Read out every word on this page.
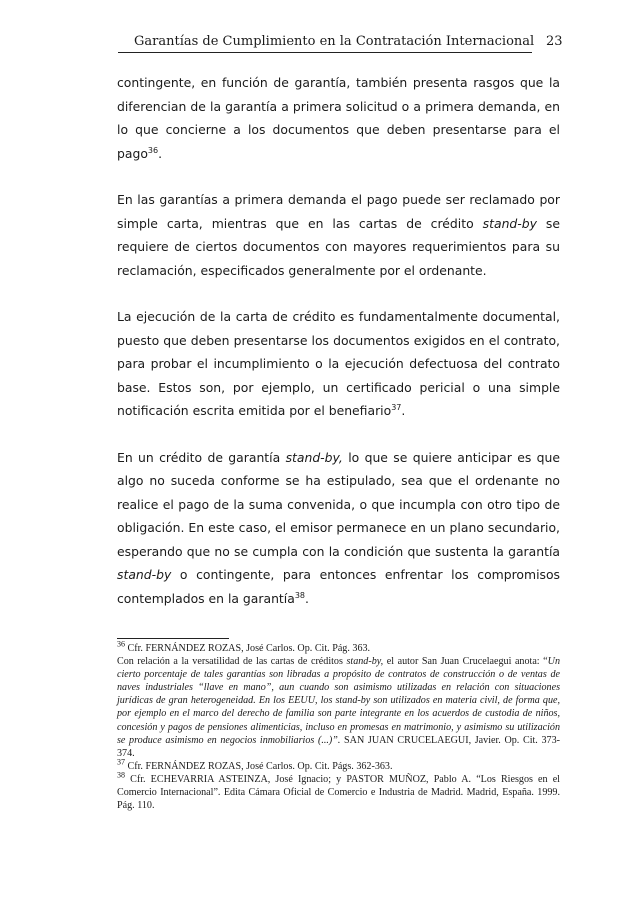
Garantías de Cumplimiento en la Contratación Internacional 23

contingente, en función de garantía, también presenta rasgos que la diferencian de la garantía a primera solicitud o a primera demanda, en lo que concierne a los documentos que deben presentarse para el pago$^{36}$.

En las garantías a primera demanda el pago puede ser reclamado por simple carta, mientras que en las cartas de crédito stand-by se requiere de ciertos documentos con mayores requerimientos para su reclamación, especificados generalmente por el ordenante.

La ejecución de la carta de crédito es fundamentalmente documental, puesto que deben presentarse los documentos exigidos en el contrato, para probar el incumplimiento o la ejecución defectuosa del contrato base. Estos son, por ejemplo, un certificado pericial o una simple notificación escrita emitida por el benefiario$^{37}$.

En un crédito de garantía stand-by, lo que se quiere anticipar es que algo no suceda conforme se ha estipulado, sea que el ordenante no realice el pago de la suma convenida, o que incumpla con otro tipo de obligación. En este caso, el emisor permanece en un plano secundario, esperando que no se cumpla con la condición que sustenta la garantía stand-by o contingente, para entonces enfrentar los compromisos contemplados en la garantía$^{38}$.

$^{36}$ Cfr. FERNÁNDEZ ROZAS, José Carlos. Op. Cit. Pág. 363.

Con relación a la versatilidad de las cartas de créditos stand-by, el autor San Juan Crucelaegui anota: “Un cierto porcentaje de tales garantías son libradas a propósito de contratos de construcción o de ventas de naves industriales “llave en mano”, aun cuando son asimismo utilizadas en relación con situaciones jurídicas de gran heterogeneidad. En los EEUU, los stand-by son utilizados en materia civil, de forma que, por ejemplo en el marco del derecho de familia son parte integrante en los acuerdos de custodia de niños, concesión y pagos de pensiones alimenticias, incluso en promesas en matrimonio, y asimismo su utilización se produce asimismo en negocios inmobiliarios (...)”. SAN JUAN CRUCELAEGUI, Javier. Op. Cit. 373-374.

$^{37}$ Cfr. FERNÁNDEZ ROZAS, José Carlos. Op. Cit. Págs. 362-363.

$^{38}$ Cfr. ECHEVARRIA ASTEINZA, José Ignacio; y PASTOR MUÑOZ, Pablo A. “Los Riesgos en el Comercio Internacional”. Edita Cámara Oficial de Comercio e Industria de Madrid. Madrid, España. 1999. Pág. 110.
